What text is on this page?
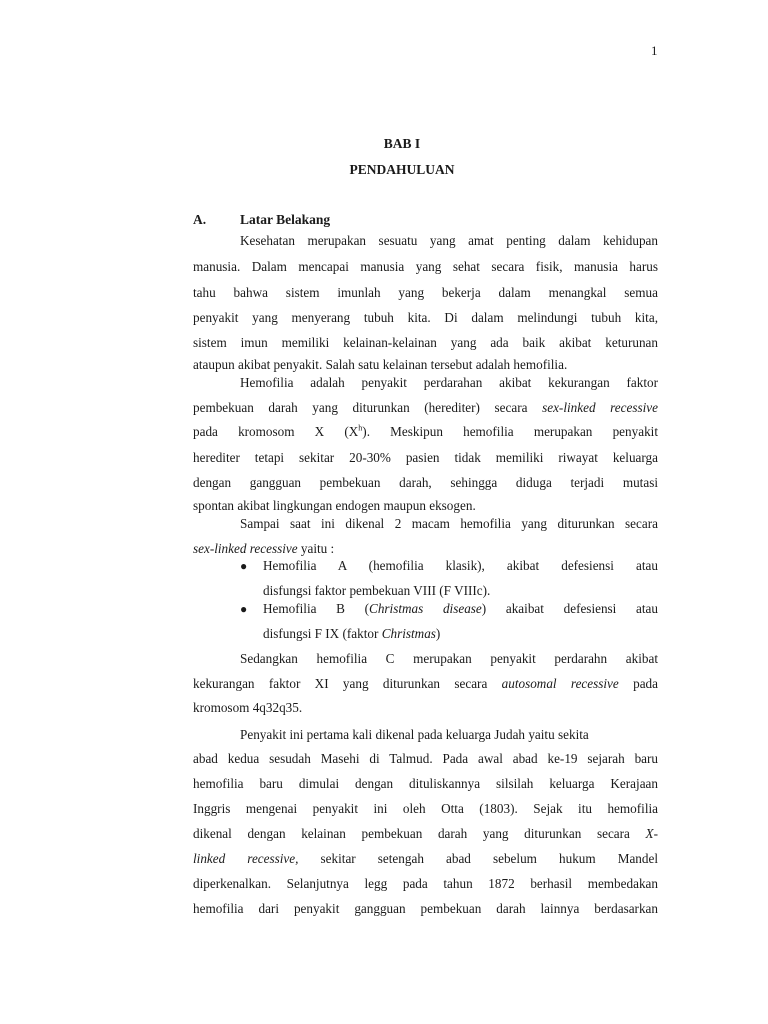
1
BAB I
PENDAHULUAN
A.	Latar Belakang
Kesehatan merupakan sesuatu yang amat penting dalam kehidupan
manusia. Dalam mencapai manusia yang sehat secara fisik, manusia harus
tahu bahwa sistem imunlah yang bekerja dalam menangkal semua
penyakit yang menyerang tubuh kita. Di dalam melindungi tubuh kita,
sistem imun memiliki kelainan-kelainan yang ada baik akibat keturunan
ataupun akibat penyakit. Salah satu kelainan tersebut adalah hemofilia.
Hemofilia adalah penyakit perdarahan akibat kekurangan faktor
pembekuan darah yang diturunkan (herediter) secara sex-linked recessive
pada kromosom X $(X^h)$. Meskipun hemofilia merupakan penyakit
herediter tetapi sekitar 20-30% pasien tidak memiliki riwayat keluarga
dengan gangguan pembekuan darah, sehingga diduga terjadi mutasi
spontan akibat lingkungan endogen maupun eksogen.
Sampai saat ini dikenal 2 macam hemofilia yang diturunkan secara
sex-linked recessive yaitu :
● Hemofilia A (hemofilia klasik), akibat defesiensi atau
disfungsi faktor pembekuan VIII (F VIIIc).
● Hemofilia B (Christmas disease) akaibat defesiensi atau
disfungsi F IX (faktor Christmas)
Sedangkan hemofilia C merupakan penyakit perdarahn akibat
kekurangan faktor XI yang diturunkan secara autosomal recessive pada
kromosom 4q32q35.
Penyakit ini pertama kali dikenal pada keluarga Judah yaitu sekita
abad kedua sesudah Masehi di Talmud. Pada awal abad ke-19 sejarah baru
hemofilia baru dimulai dengan dituliskannya silsilah keluarga Kerajaan
Inggris mengenai penyakit ini oleh Otta (1803). Sejak itu hemofilia
dikenal dengan kelainan pembekuan darah yang diturunkan secara X-
linked recessive, sekitar setengah abad sebelum hukum Mandel
diperkenalkan. Selanjutnya legg pada tahun 1872 berhasil membedakan
hemofilia dari penyakit gangguan pembekuan darah lainnya berdasarkan
